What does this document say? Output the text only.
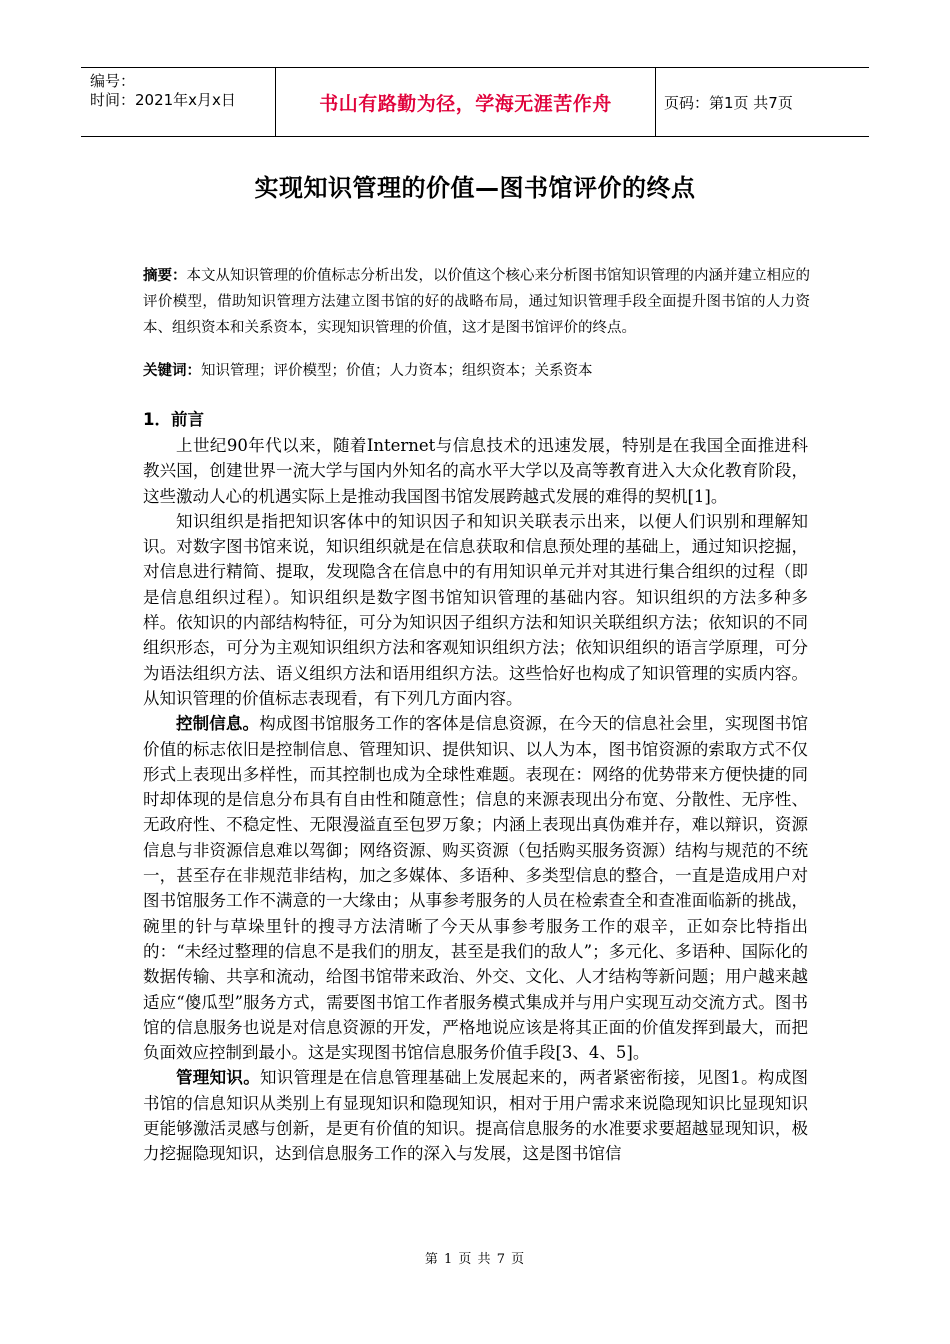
编号：
时间：2021年x月x日	书山有路勤为径，学海无涯苦作舟	页码：第1页 共7页
实现知识管理的价值—图书馆评价的终点
摘要：本文从知识管理的价值标志分析出发，以价值这个核心来分析图书馆知识管理的内涵并建立相应的评价模型，借助知识管理方法建立图书馆的好的战略布局，通过知识管理手段全面提升图书馆的人力资本、组织资本和关系资本，实现知识管理的价值，这才是图书馆评价的终点。
关键词：知识管理；评价模型；价值；人力资本；组织资本；关系资本
1．前言

上世纪90年代以来，随着Internet与信息技术的迅速发展，特别是在我国全面推进科教兴国，创建世界一流大学与国内外知名的高水平大学以及高等教育进入大众化教育阶段，这些激动人心的机遇实际上是推动我国图书馆发展跨越式发展的难得的契机[1]。

知识组织是指把知识客体中的知识因子和知识关联表示出来，以便人们识别和理解知识。对数字图书馆来说，知识组织就是在信息获取和信息预处理的基础上，通过知识挖掘，对信息进行精简、提取，发现隐含在信息中的有用知识单元并对其进行集合组织的过程（即是信息组织过程）。知识组织是数字图书馆知识管理的基础内容。知识组织的方法多种多样。依知识的内部结构特征，可分为知识因子组织方法和知识关联组织方法；依知识的不同组织形态，可分为主观知识组织方法和客观知识组织方法；依知识组织的语言学原理，可分为语法组织方法、语义组织方法和语用组织方法。这些恰好也构成了知识管理的实质内容。从知识管理的价值标志表现看，有下列几方面内容。

控制信息。构成图书馆服务工作的客体是信息资源，在今天的信息社会里，实现图书馆价值的标志依旧是控制信息、管理知识、提供知识、以人为本，图书馆资源的索取方式不仅形式上表现出多样性，而其控制也成为全球性难题。表现在：网络的优势带来方便快捷的同时却体现的是信息分布具有自由性和随意性；信息的来源表现出分布宽、分散性、无序性、无政府性、不稳定性、无限漫溢直至包罗万象；内涵上表现出真伪难并存，难以辩识，资源信息与非资源信息难以驾御；网络资源、购买资源（包括购买服务资源）结构与规范的不统一，甚至存在非规范非结构，加之多媒体、多语种、多类型信息的整合，一直是造成用户对图书馆服务工作不满意的一大缘由；从事参考服务的人员在检索查全和查准面临新的挑战，碗里的针与草垛里针的搜寻方法清晰了今天从事参考服务工作的艰辛，正如奈比特指出的：“未经过整理的信息不是我们的朋友，甚至是我们的敌人”；多元化、多语种、国际化的数据传输、共享和流动，给图书馆带来政治、外交、文化、人才结构等新问题；用户越来越适应“傻瓜型”服务方式，需要图书馆工作者服务模式集成并与用户实现互动交流方式。图书馆的信息服务也说是对信息资源的开发，严格地说应该是将其正面的价值发挥到最大，而把负面效应控制到最小。这是实现图书馆信息服务价值手段[3、4、5]。

管理知识。知识管理是在信息管理基础上发展起来的，两者紧密衔接，见图1。构成图书馆的信息知识从类别上有显现知识和隐现知识，相对于用户需求来说隐现知识比显现知识更能够激活灵感与创新，是更有价值的知识。提高信息服务的水准要求要超越显现知识，极力挖掘隐现知识，达到信息服务工作的深入与发展，这是图书馆信

第 1 页 共 7 页
